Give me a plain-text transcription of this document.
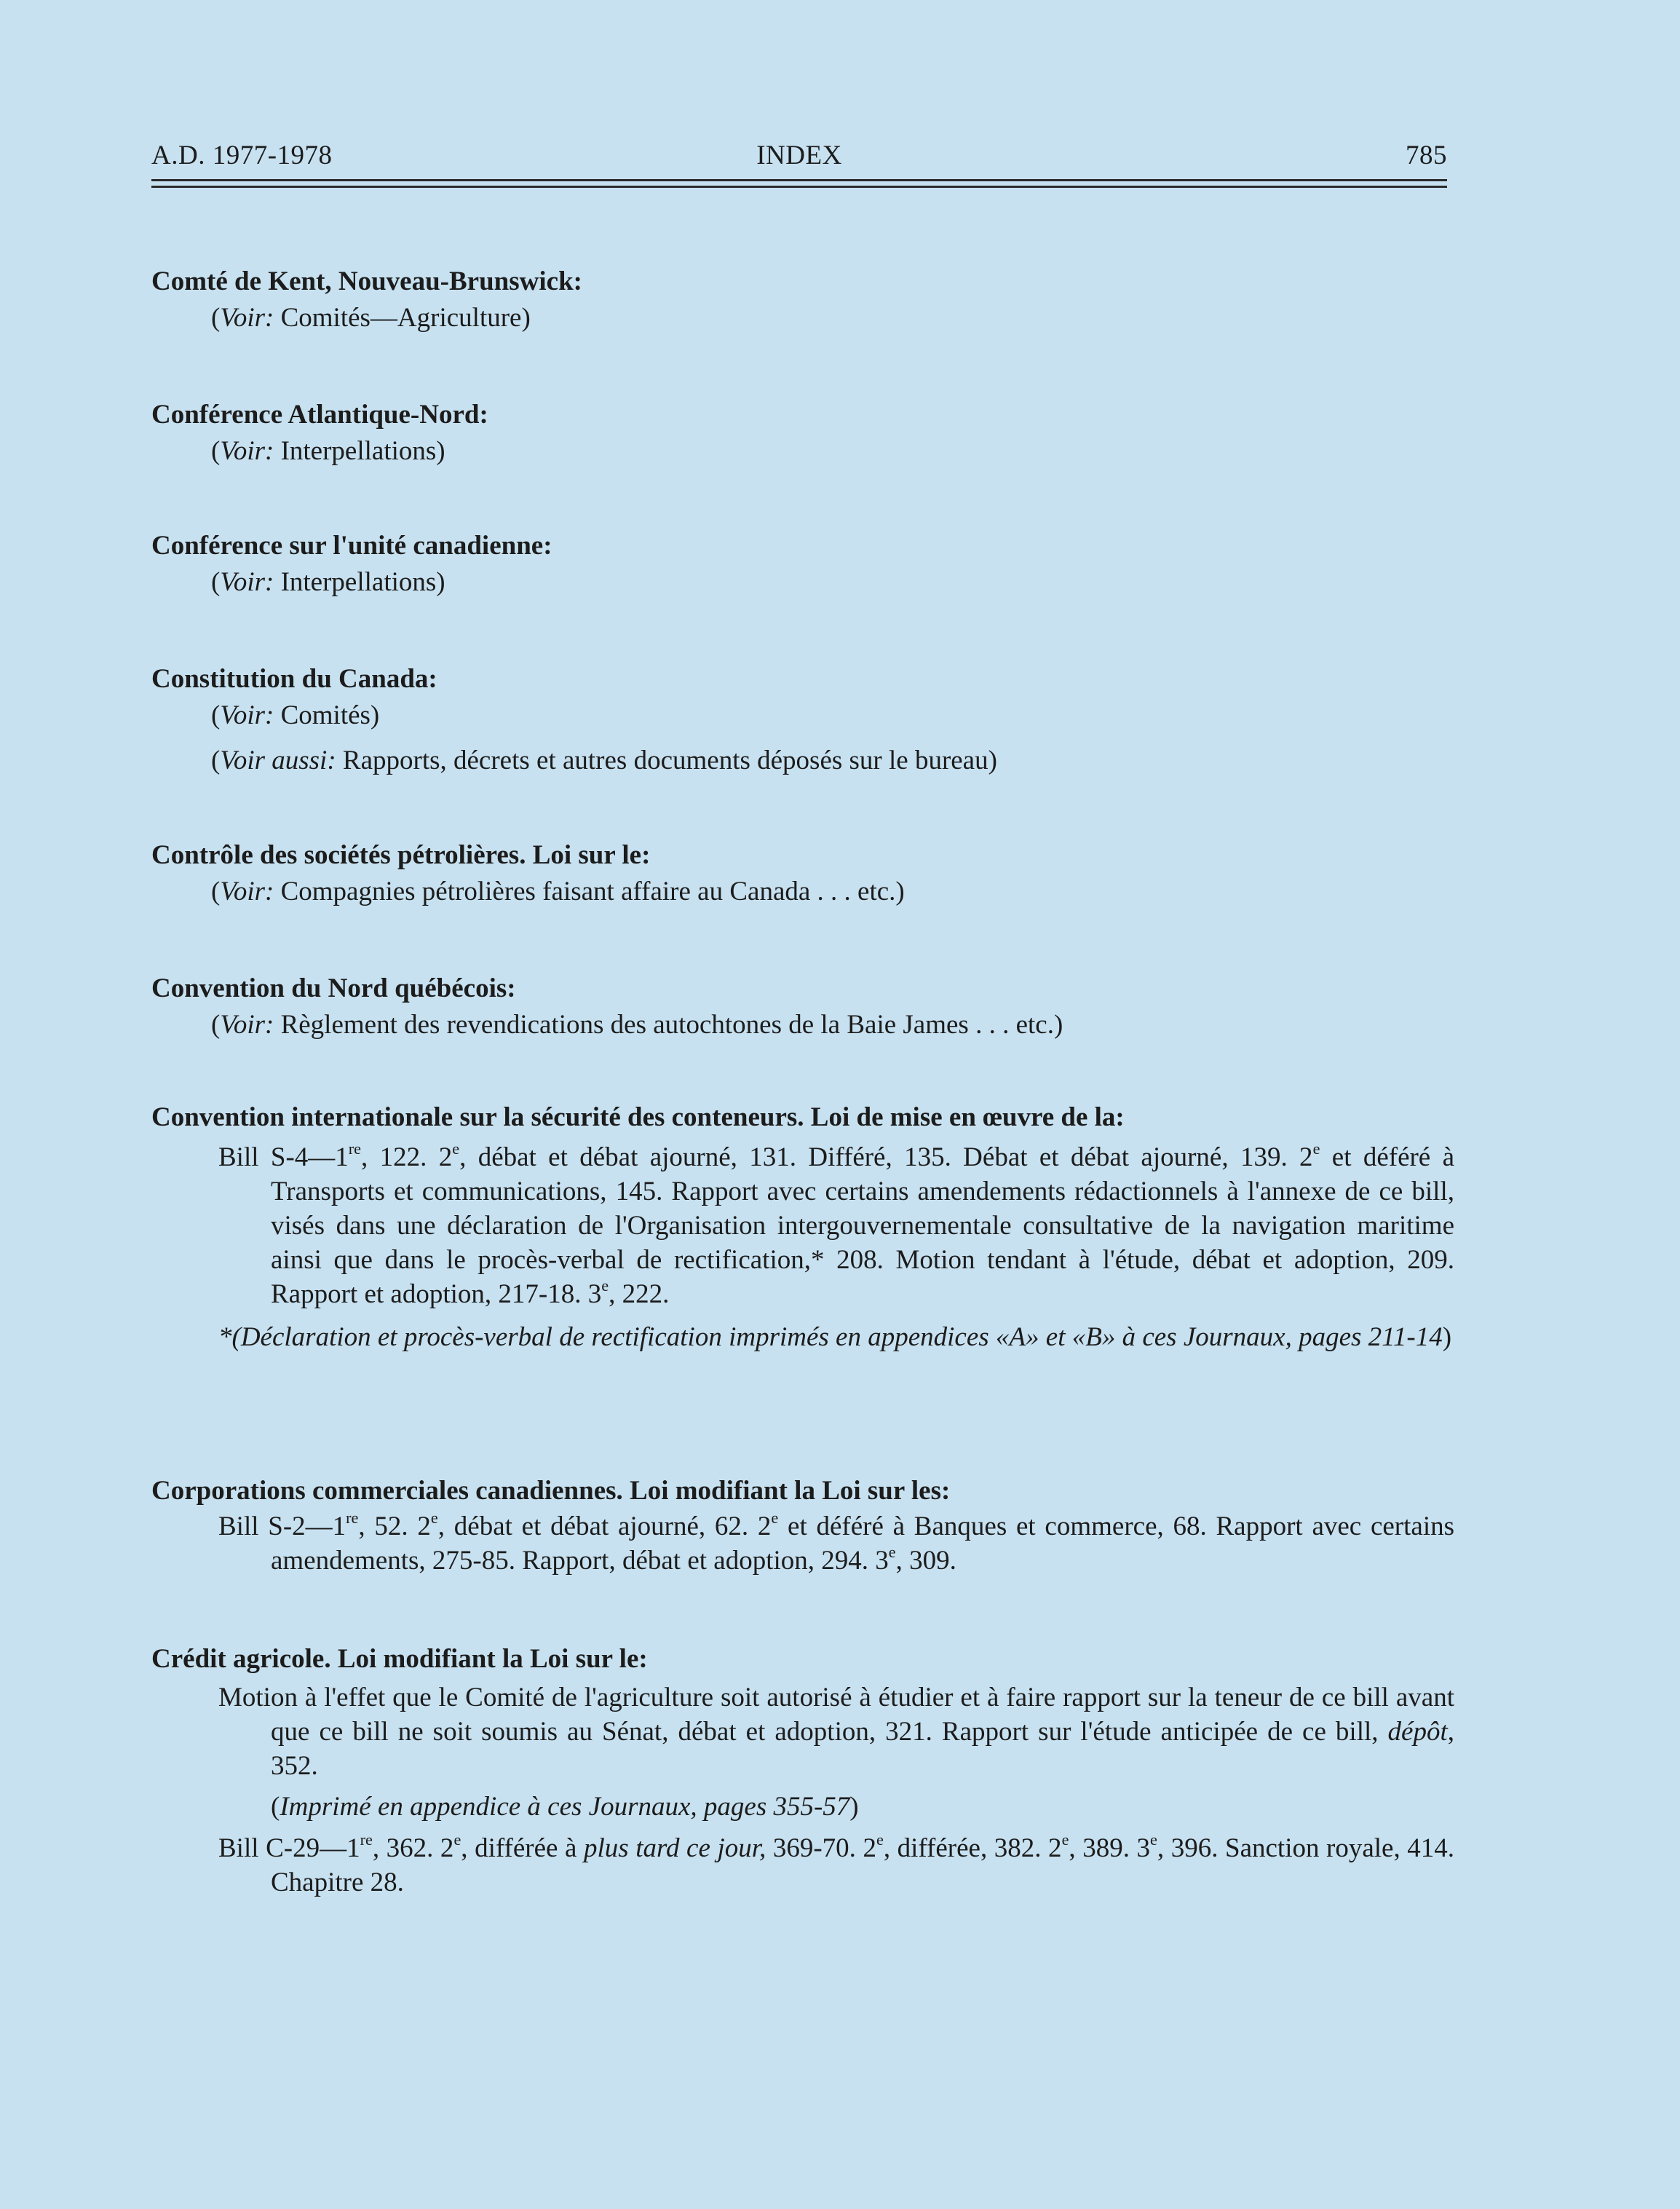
A.D. 1977-1978	INDEX	785
Comté de Kent, Nouveau-Brunswick:
(Voir: Comités—Agriculture)
Conférence Atlantique-Nord:
(Voir: Interpellations)
Conférence sur l'unité canadienne:
(Voir: Interpellations)
Constitution du Canada:
(Voir: Comités)
(Voir aussi: Rapports, décrets et autres documents déposés sur le bureau)
Contrôle des sociétés pétrolières. Loi sur le:
(Voir: Compagnies pétrolières faisant affaire au Canada . . . etc.)
Convention du Nord québécois:
(Voir: Règlement des revendications des autochtones de la Baie James . . . etc.)
Convention internationale sur la sécurité des conteneurs. Loi de mise en œuvre de la:
Bill S-4—1re, 122. 2e, débat et débat ajourné, 131. Différé, 135. Débat et débat ajourné, 139. 2e et déféré à Transports et communications, 145. Rapport avec certains amendements rédactionnels à l'annexe de ce bill, visés dans une déclaration de l'Organisation intergouvernementale consultative de la navigation maritime ainsi que dans le procès-verbal de rectification,* 208. Motion tendant à l'étude, débat et adoption, 209. Rapport et adoption, 217-18. 3e, 222.
*(Déclaration et procès-verbal de rectification imprimés en appendices «A» et «B» à ces Journaux, pages 211-14)
Corporations commerciales canadiennes. Loi modifiant la Loi sur les:
Bill S-2—1re, 52. 2e, débat et débat ajourné, 62. 2e et déféré à Banques et commerce, 68. Rapport avec certains amendements, 275-85. Rapport, débat et adoption, 294. 3e, 309.
Crédit agricole. Loi modifiant la Loi sur le:
Motion à l'effet que le Comité de l'agriculture soit autorisé à étudier et à faire rapport sur la teneur de ce bill avant que ce bill ne soit soumis au Sénat, débat et adoption, 321. Rapport sur l'étude anticipée de ce bill, dépôt, 352.
(Imprimé en appendice à ces Journaux, pages 355-57)
Bill C-29—1re, 362. 2e, différée à plus tard ce jour, 369-70. 2e, différée, 382. 2e, 389. 3e, 396. Sanction royale, 414. Chapitre 28.
